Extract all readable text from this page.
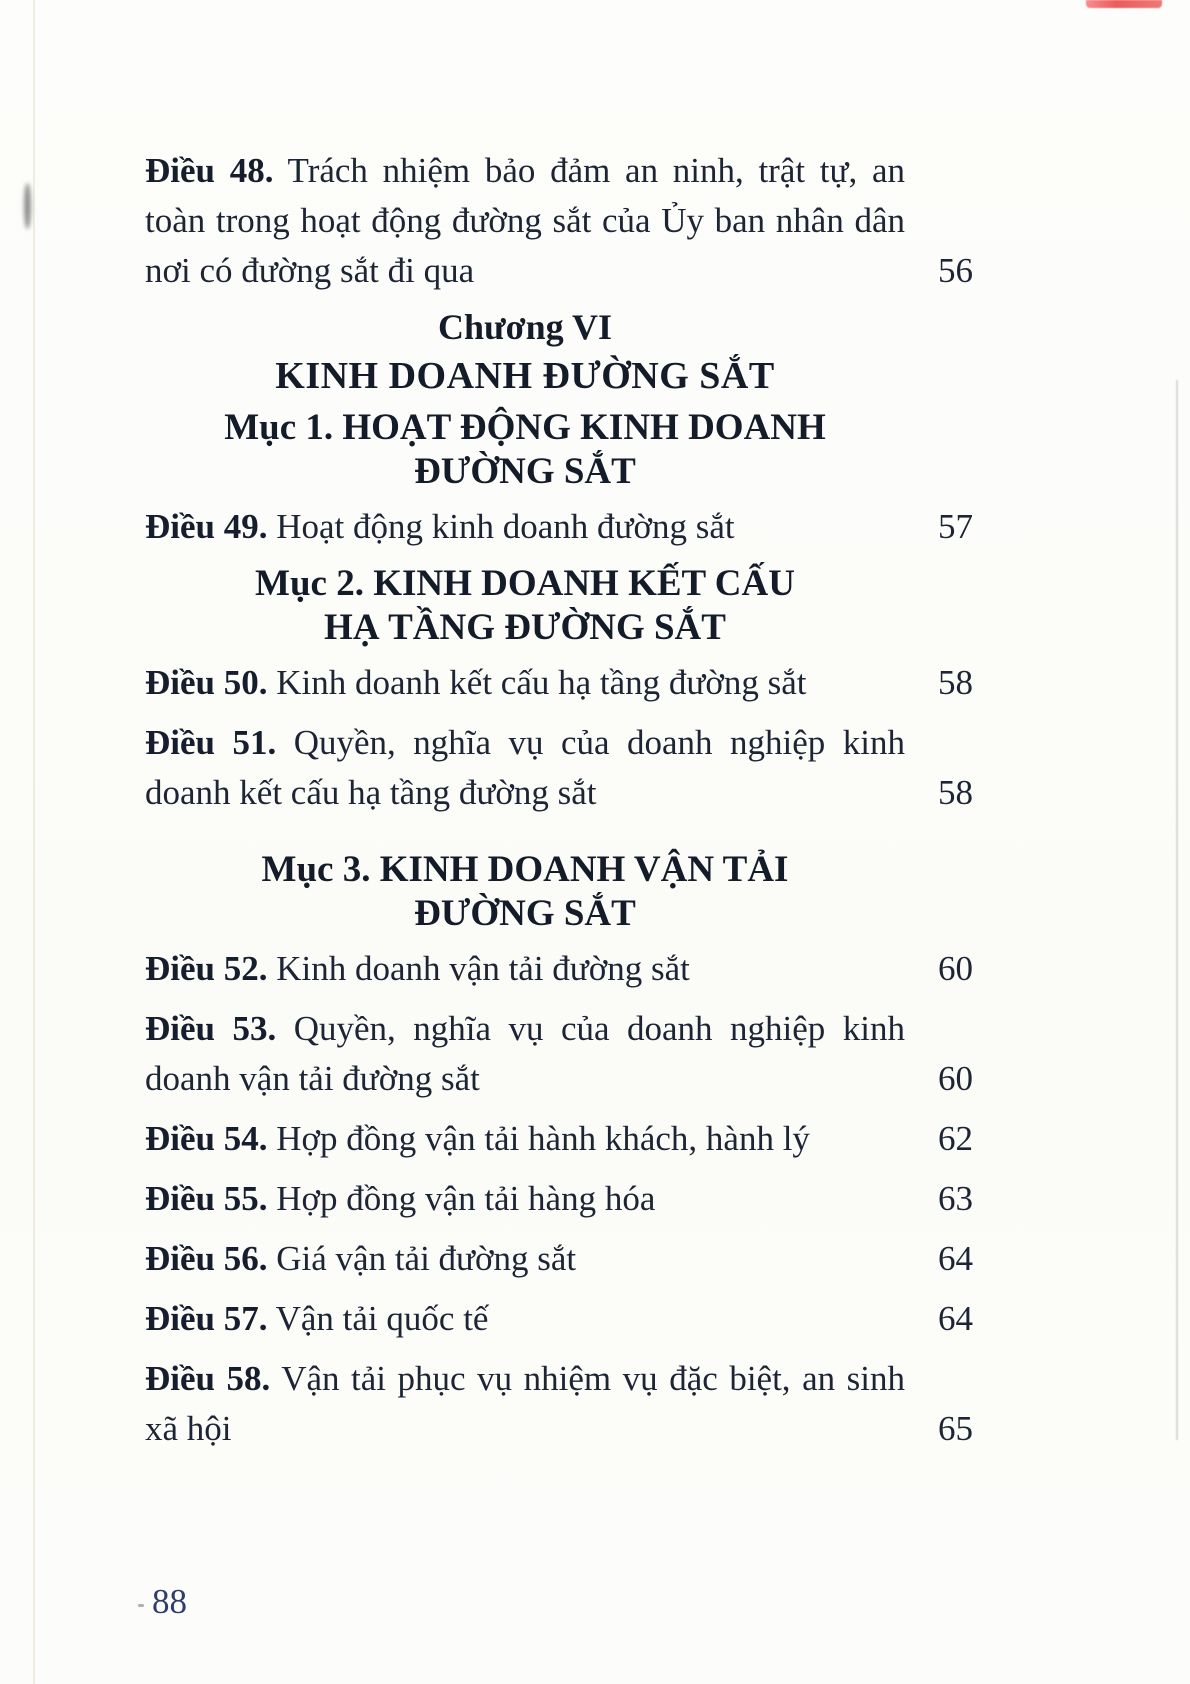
Điều 48. Trách nhiệm bảo đảm an ninh, trật tự, an toàn trong hoạt động đường sắt của Ủy ban nhân dân nơi có đường sắt đi qua	56
Chương VI
KINH DOANH ĐƯỜNG SẮT
Mục 1. HOẠT ĐỘNG KINH DOANH
ĐƯỜNG SẮT
Điều 49. Hoạt động kinh doanh đường sắt	57
Mục 2. KINH DOANH KẾT CẤU
HẠ TẦNG ĐƯỜNG SẮT
Điều 50. Kinh doanh kết cấu hạ tầng đường sắt	58
Điều 51. Quyền, nghĩa vụ của doanh nghiệp kinh doanh kết cấu hạ tầng đường sắt	58
Mục 3. KINH DOANH VẬN TẢI
ĐƯỜNG SẮT
Điều 52. Kinh doanh vận tải đường sắt	60
Điều 53. Quyền, nghĩa vụ của doanh nghiệp kinh doanh vận tải đường sắt	60
Điều 54. Hợp đồng vận tải hành khách, hành lý	62
Điều 55. Hợp đồng vận tải hàng hóa	63
Điều 56. Giá vận tải đường sắt	64
Điều 57. Vận tải quốc tế	64
Điều 58. Vận tải phục vụ nhiệm vụ đặc biệt, an sinh xã hội	65
88
